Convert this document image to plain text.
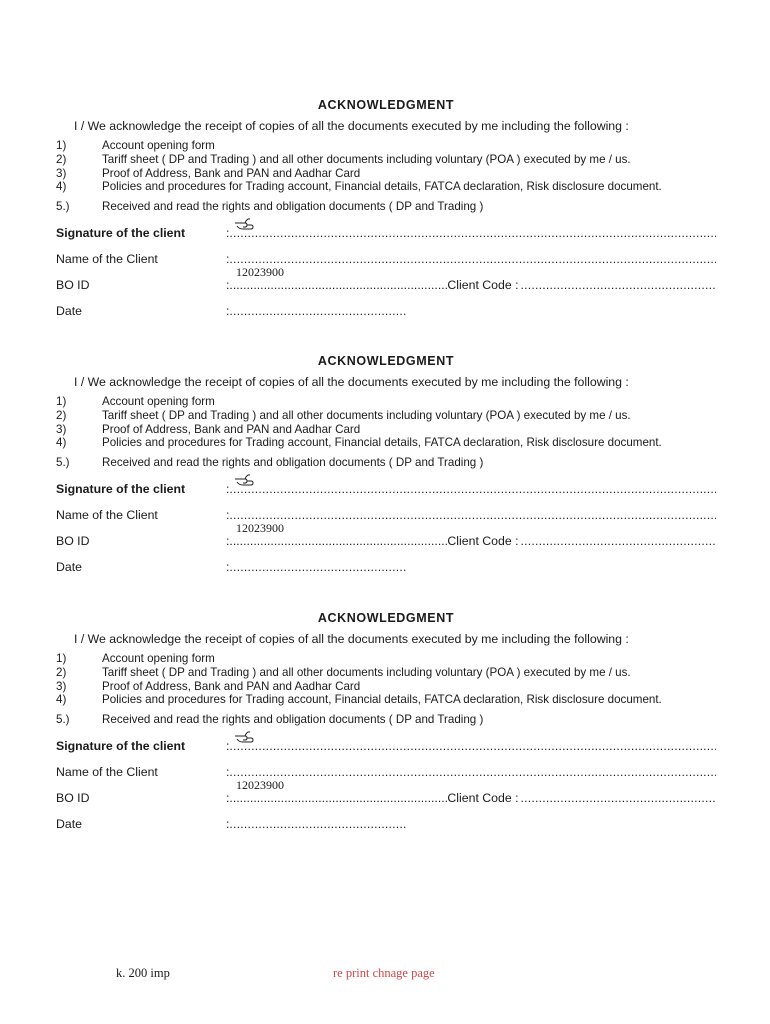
ACKNOWLEDGMENT
I / We acknowledge the receipt of copies of all the documents executed by me including the following :
1)	Account opening form
2)	Tariff sheet ( DP and Trading ) and all other documents including voluntary (POA ) executed by me / us.
3)	Proof of Address, Bank and PAN and Aadhar Card
4)	Policies and procedures for Trading account, Financial details, FATCA declaration, Risk disclosure document.
5.)	Received and read the rights and obligation documents ( DP and Trading )
Signature of the client	:
.....
Name of the Client	:
.....
BO ID	:
.....
12023900
Client Code :
.....
Date	:
.....
ACKNOWLEDGMENT
I / We acknowledge the receipt of copies of all the documents executed by me including the following :
1)	Account opening form
2)	Tariff sheet ( DP and Trading ) and all other documents including voluntary (POA ) executed by me / us.
3)	Proof of Address, Bank and PAN and Aadhar Card
4)	Policies and procedures for Trading account, Financial details, FATCA declaration, Risk disclosure document.
5.)	Received and read the rights and obligation documents ( DP and Trading )
Signature of the client	:
.....
Name of the Client	:
.....
BO ID	:
.....
12023900
Client Code :
.....
Date	:
.....
ACKNOWLEDGMENT
I / We acknowledge the receipt of copies of all the documents executed by me including the following :
1)	Account opening form
2)	Tariff sheet ( DP and Trading ) and all other documents including voluntary (POA ) executed by me / us.
3)	Proof of Address, Bank and PAN and Aadhar Card
4)	Policies and procedures for Trading account, Financial details, FATCA declaration, Risk disclosure document.
5.)	Received and read the rights and obligation documents ( DP and Trading )
Signature of the client	:
.....
Name of the Client	:
.....
BO ID	:
.....
12023900
Client Code :
.....
Date	:
.....
k. 200 imp	re print chnage page
